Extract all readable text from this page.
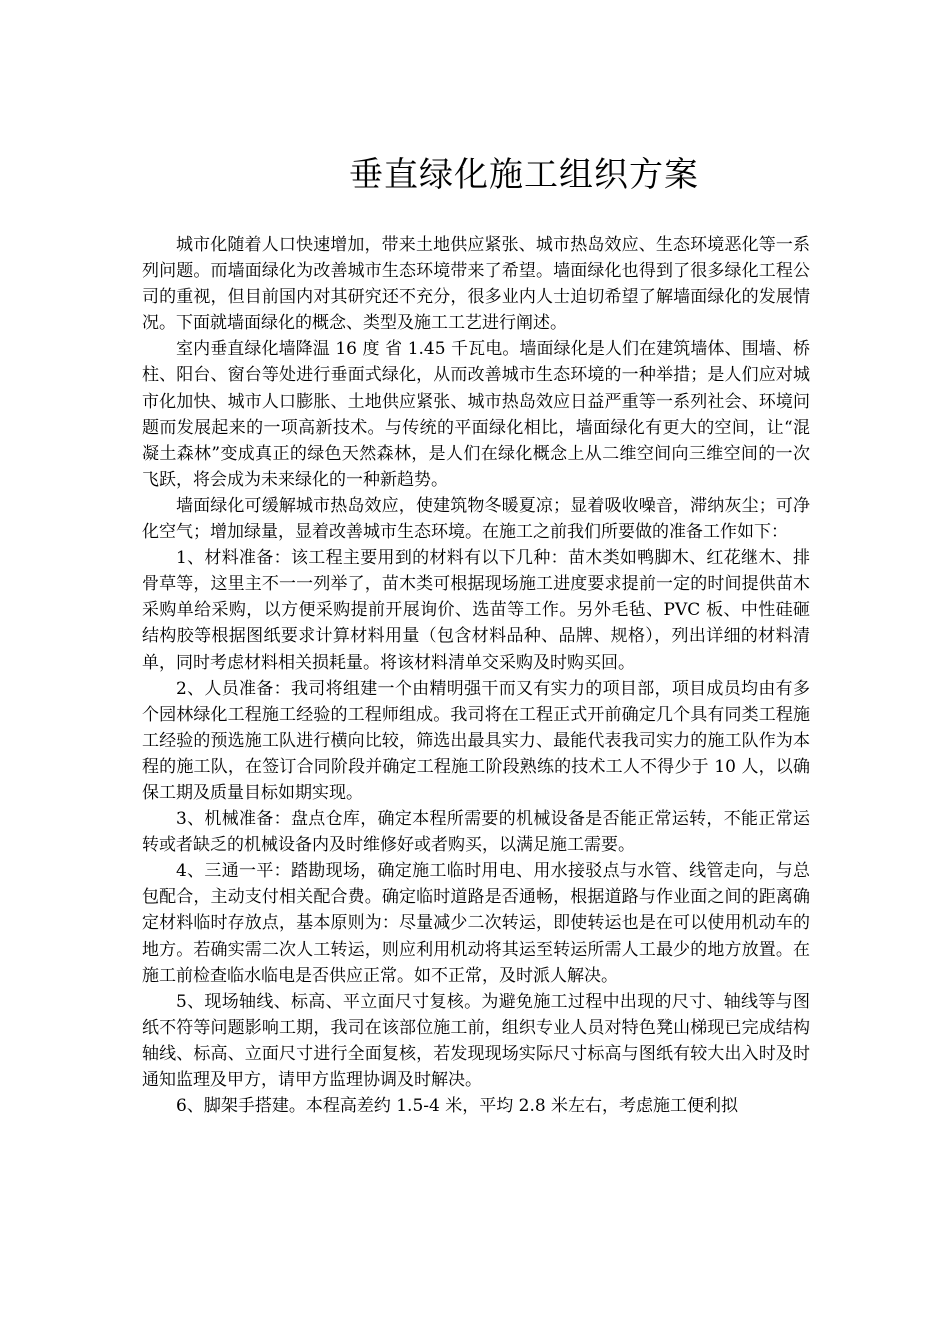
垂直绿化施工组织方案

城市化随着人口快速增加，带来土地供应紧张、城市热岛效应、生态环境恶化等一系列问题。而墙面绿化为改善城市生态环境带来了希望。墙面绿化也得到了很多绿化工程公司的重视，但目前国内对其研究还不充分，很多业内人士迫切希望了解墙面绿化的发展情况。下面就墙面绿化的概念、类型及施工工艺进行阐述。

室内垂直绿化墙降温 16 度 省 1.45 千瓦电。墙面绿化是人们在建筑墙体、围墙、桥柱、阳台、窗台等处进行垂面式绿化，从而改善城市生态环境的一种举措；是人们应对城市化加快、城市人口膨胀、土地供应紧张、城市热岛效应日益严重等一系列社会、环境问题而发展起来的一项高新技术。与传统的平面绿化相比，墙面绿化有更大的空间，让“混凝土森林”变成真正的绿色天然森林，是人们在绿化概念上从二维空间向三维空间的一次飞跃，将会成为未来绿化的一种新趋势。

墙面绿化可缓解城市热岛效应，使建筑物冬暖夏凉；显着吸收噪音，滞纳灰尘；可净化空气；增加绿量，显着改善城市生态环境。在施工之前我们所要做的准备工作如下：

1、材料准备：该工程主要用到的材料有以下几种：苗木类如鸭脚木、红花继木、排骨草等，这里主不一一列举了，苗木类可根据现场施工进度要求提前一定的时间提供苗木采购单给采购，以方便采购提前开展询价、选苗等工作。另外毛毡、PVC 板、中性硅砸结构胶等根据图纸要求计算材料用量（包含材料品种、品牌、规格），列出详细的材料清单，同时考虑材料相关损耗量。将该材料清单交采购及时购买回。

2、人员准备：我司将组建一个由精明强干而又有实力的项目部，项目成员均由有多个园林绿化工程施工经验的工程师组成。我司将在工程正式开前确定几个具有同类工程施工经验的预选施工队进行横向比较，筛选出最具实力、最能代表我司实力的施工队作为本程的施工队，在签订合同阶段并确定工程施工阶段熟练的技术工人不得少于 10 人，以确保工期及质量目标如期实现。

3、机械准备：盘点仓库，确定本程所需要的机械设备是否能正常运转，不能正常运转或者缺乏的机械设备内及时维修好或者购买，以满足施工需要。

4、三通一平：踏勘现场，确定施工临时用电、用水接驳点与水管、线管走向，与总包配合，主动支付相关配合费。确定临时道路是否通畅，根据道路与作业面之间的距离确定材料临时存放点，基本原则为：尽量减少二次转运，即使转运也是在可以使用机动车的地方。若确实需二次人工转运，则应利用机动将其运至转运所需人工最少的地方放置。在施工前检查临水临电是否供应正常。如不正常，及时派人解决。

5、现场轴线、标高、平立面尺寸复核。为避免施工过程中出现的尺寸、轴线等与图纸不符等问题影响工期，我司在该部位施工前，组织专业人员对特色凳山梯现已完成结构轴线、标高、立面尺寸进行全面复核，若发现现场实际尺寸标高与图纸有较大出入时及时通知监理及甲方，请甲方监理协调及时解决。

6、脚架手搭建。本程高差约 1.5-4 米，平均 2.8 米左右，考虑施工便利拟
